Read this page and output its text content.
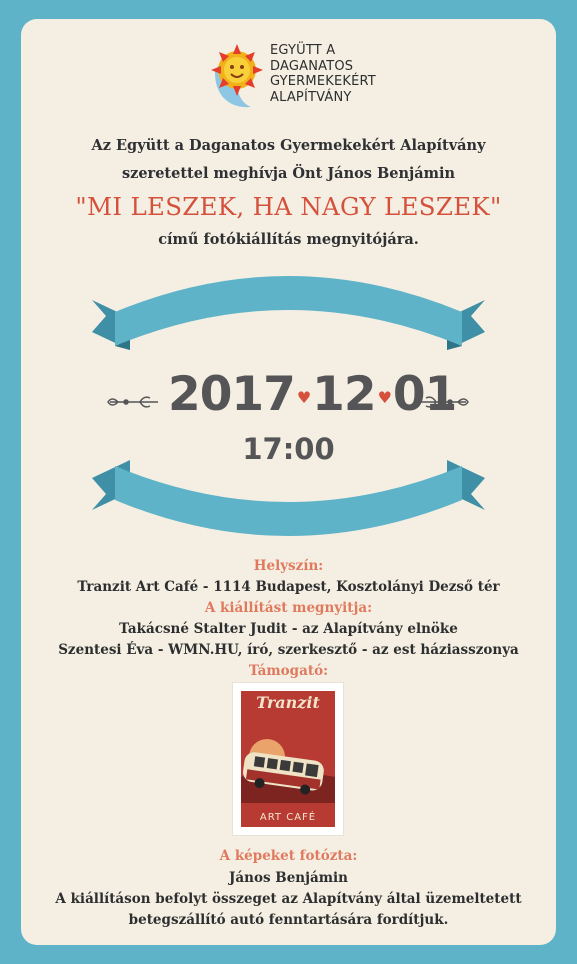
EGYÜTT A
DAGANATOS
GYERMEKEKÉRT
ALAPÍTVÁNY
Az Együtt a Daganatos Gyermekekért Alapítvány
szeretettel meghívja Önt János Benjámin
"MI LESZEK, HA NAGY LESZEK"
című fotókiállítás megnyitójára.
2017 ♥12 ♥01
17:00
Helyszín:
Tranzit Art Café - 1114 Budapest, Kosztolányi Dezső tér
A kiállítást megnyitja:
Takácsné Stalter Judit - az Alapítvány elnöke
Szentesi Éva - WMN.HU, író, szerkesztő - az est háziasszonya
Támogató:
Tranzit
ART CAFÉ
A képeket fotózta:
János Benjámin
A kiállításon befolyt összeget az Alapítvány által üzemeltetett
betegszállító autó fenntartására fordítjuk.
